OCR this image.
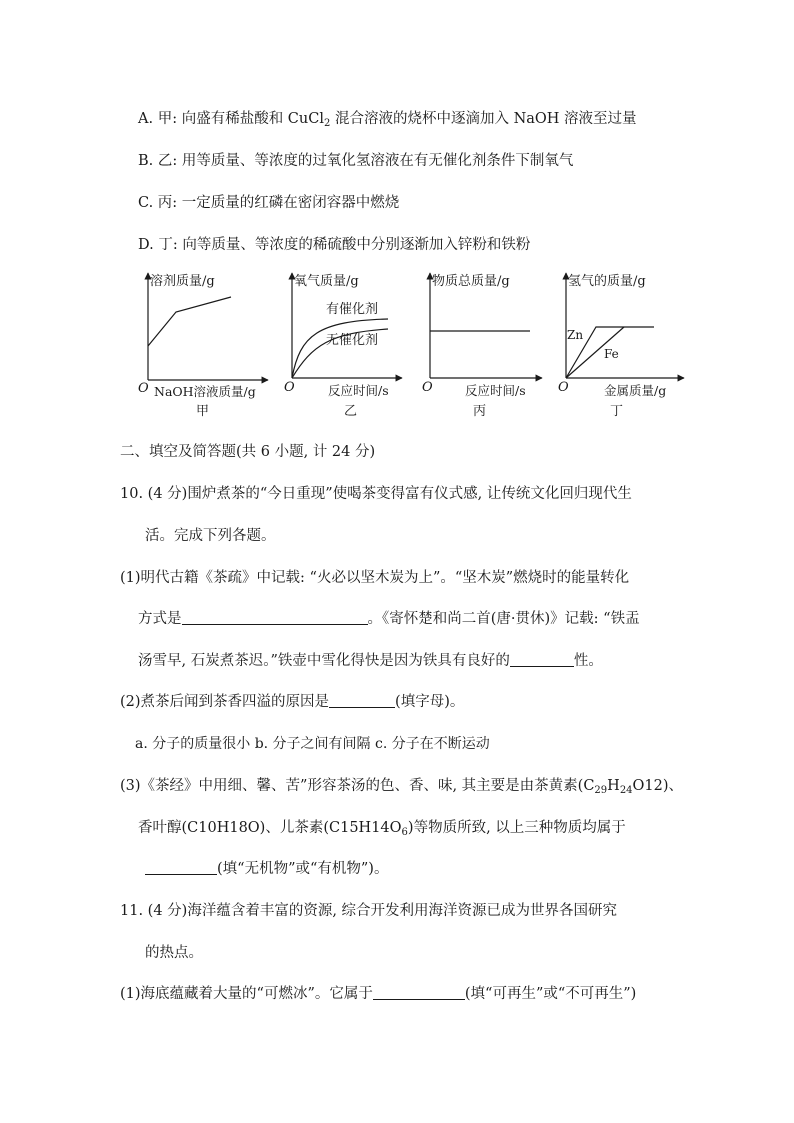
A. 甲: 向盛有稀盐酸和 CuCl$_2$ 混合溶液的烧杯中逐滴加入 NaOH 溶液至过量
B. 乙: 用等质量、等浓度的过氧化氢溶液在有无催化剂条件下制氧气
C. 丙: 一定质量的红磷在密闭容器中燃烧
D. 丁: 向等质量、等浓度的稀硫酸中分别逐渐加入锌粉和铁粉
溶剂质量/g
O NaOH溶液质量/g
甲
氧气质量/g
O	反应时间/s
乙
有催化剂
无催化剂
物质总质量/g
O	反应时间/s
丙
氢气的质量/g
O	金属质量/g
丁
Zn
Fe
二、填空及简答题(共 6 小题, 计 24 分)
10. (4 分)围炉煮茶的“今日重现”使喝茶变得富有仪式感, 让传统文化回归现代生
活。完成下列各题。
(1)明代古籍《茶疏》中记载: “火必以坚木炭为上”。“坚木炭”燃烧时的能量转化
方式是	。《寄怀楚和尚二首(唐·贯休)》记载: “铁盂
汤雪早, 石炭煮茶迟。”铁壶中雪化得快是因为铁具有良好的	性。
(2)煮茶后闻到茶香四溢的原因是	(填字母)。
a. 分子的质量很小 b. 分子之间有间隔 c. 分子在不断运动
(3)《茶经》中用细、馨、苦”形容茶汤的色、香、味, 其主要是由茶黄素$(C_{29}H_{24}O12)$、
香叶醇(C10H18O)、儿茶素$(C15H14O_6)$等物质所致, 以上三种物质均属于
(填“无机物”或“有机物”)。
11. (4 分)海洋蕴含着丰富的资源, 综合开发利用海洋资源已成为世界各国研究
的热点。
(1)海底蕴藏着大量的“可燃冰”。它属于	(填“可再生”或“不可再生”)
